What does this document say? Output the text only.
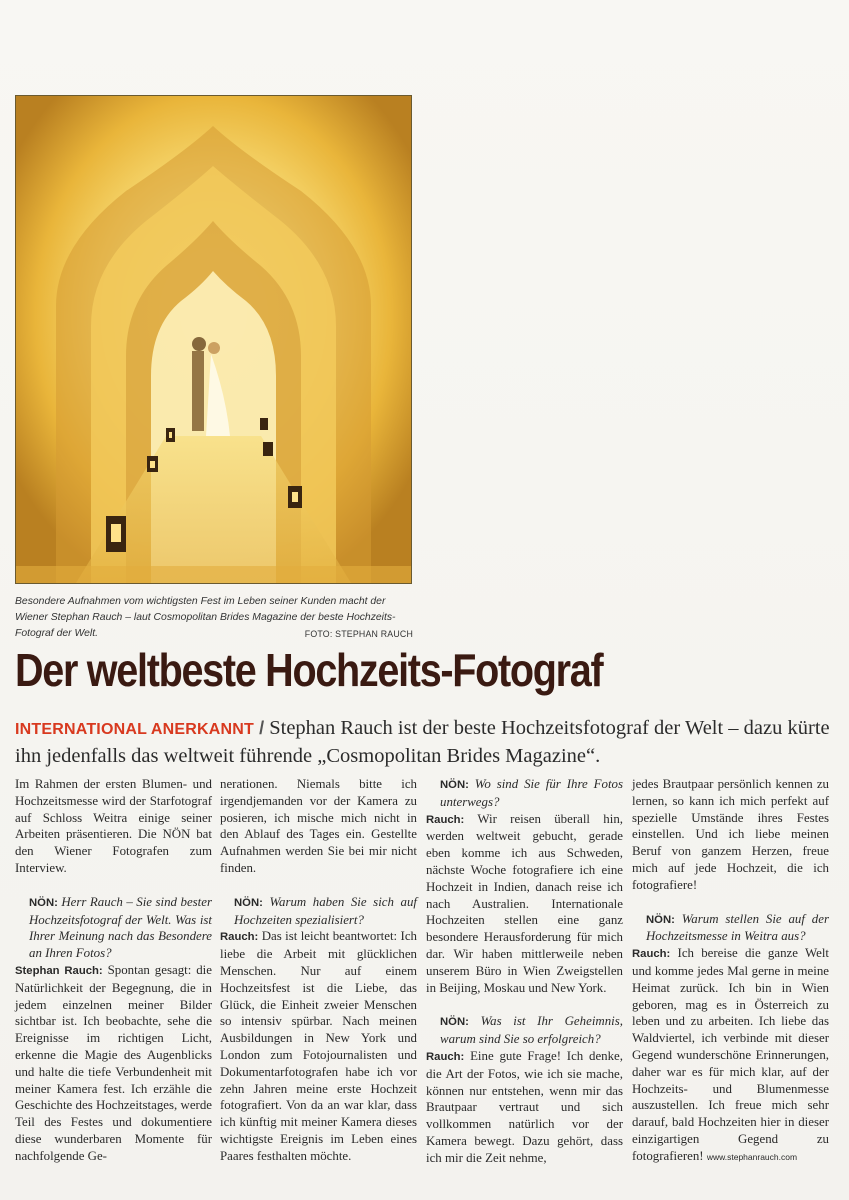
Besondere Aufnahmen vom wichtigsten Fest im Leben seiner Kunden macht der Wiener Stephan Rauch – laut Cosmopolitan Brides Magazine der beste Hochzeits-Fotograf der Welt.	FOTO: STEPHAN RAUCH
Der weltbeste Hochzeits-Fotograf
INTERNATIONAL ANERKANNT / Stephan Rauch ist der beste Hochzeitsfotograf der Welt – dazu kürte ihn jedenfalls das weltweit führende „Cosmopolitan Brides Magazine“.

Im Rahmen der ersten Blumen- und Hochzeitsmesse wird der Starfotograf auf Schloss Weitra einige seiner Arbeiten präsentieren. Die NÖN bat den Wiener Fotografen zum Interview.

NÖN: Herr Rauch – Sie sind bester Hochzeitsfotograf der Welt. Was ist Ihrer Meinung nach das Besondere an Ihren Fotos?

Stephan Rauch: Spontan gesagt: die Natürlichkeit der Begegnung, die in jedem einzelnen meiner Bilder sichtbar ist. Ich beobachte, sehe die Ereignisse im richtigen Licht, erkenne die Magie des Augenblicks und halte die tiefe Verbundenheit mit meiner Kamera fest. Ich erzähle die Geschichte des Hochzeitstages, werde Teil des Festes und dokumentiere diese wunderbaren Momente für nachfolgende Ge-

nerationen. Niemals bitte ich irgendjemanden vor der Kamera zu posieren, ich mische mich nicht in den Ablauf des Tages ein. Gestellte Aufnahmen werden Sie bei mir nicht finden.

NÖN: Warum haben Sie sich auf Hochzeiten spezialisiert?

Rauch: Das ist leicht beantwortet: Ich liebe die Arbeit mit glücklichen Menschen. Nur auf einem Hochzeitsfest ist die Liebe, das Glück, die Einheit zweier Menschen so intensiv spürbar. Nach meinen Ausbildungen in New York und London zum Fotojournalisten und Dokumentarfotografen habe ich vor zehn Jahren meine erste Hochzeit fotografiert. Von da an war klar, dass ich künftig mit meiner Kamera dieses wichtigste Ereignis im Leben eines Paares festhalten möchte.

NÖN: Wo sind Sie für Ihre Fotos unterwegs?

Rauch: Wir reisen überall hin, werden weltweit gebucht, gerade eben komme ich aus Schweden, nächste Woche fotografiere ich eine Hochzeit in Indien, danach reise ich nach Australien. Internationale Hochzeiten stellen eine ganz besondere Herausforderung für mich dar. Wir haben mittlerweile neben unserem Büro in Wien Zweigstellen in Beijing, Moskau und New York.

NÖN: Was ist Ihr Geheimnis, warum sind Sie so erfolgreich?

Rauch: Eine gute Frage! Ich denke, die Art der Fotos, wie ich sie mache, können nur entstehen, wenn mir das Brautpaar vertraut und sich vollkommen natürlich vor der Kamera bewegt. Dazu gehört, dass ich mir die Zeit nehme,

jedes Brautpaar persönlich kennen zu lernen, so kann ich mich perfekt auf spezielle Umstände ihres Festes einstellen. Und ich liebe meinen Beruf von ganzem Herzen, freue mich auf jede Hochzeit, die ich fotografiere!

NÖN: Warum stellen Sie auf der Hochzeitsmesse in Weitra aus?

Rauch: Ich bereise die ganze Welt und komme jedes Mal gerne in meine Heimat zurück. Ich bin in Wien geboren, mag es in Österreich zu leben und zu arbeiten. Ich liebe das Waldviertel, ich verbinde mit dieser Gegend wunderschöne Erinnerungen, daher war es für mich klar, auf der Hochzeits- und Blumenmesse auszustellen. Ich freue mich sehr darauf, bald Hochzeiten hier in dieser einzigartigen Gegend zu fotografieren! www.stephanrauch.com
